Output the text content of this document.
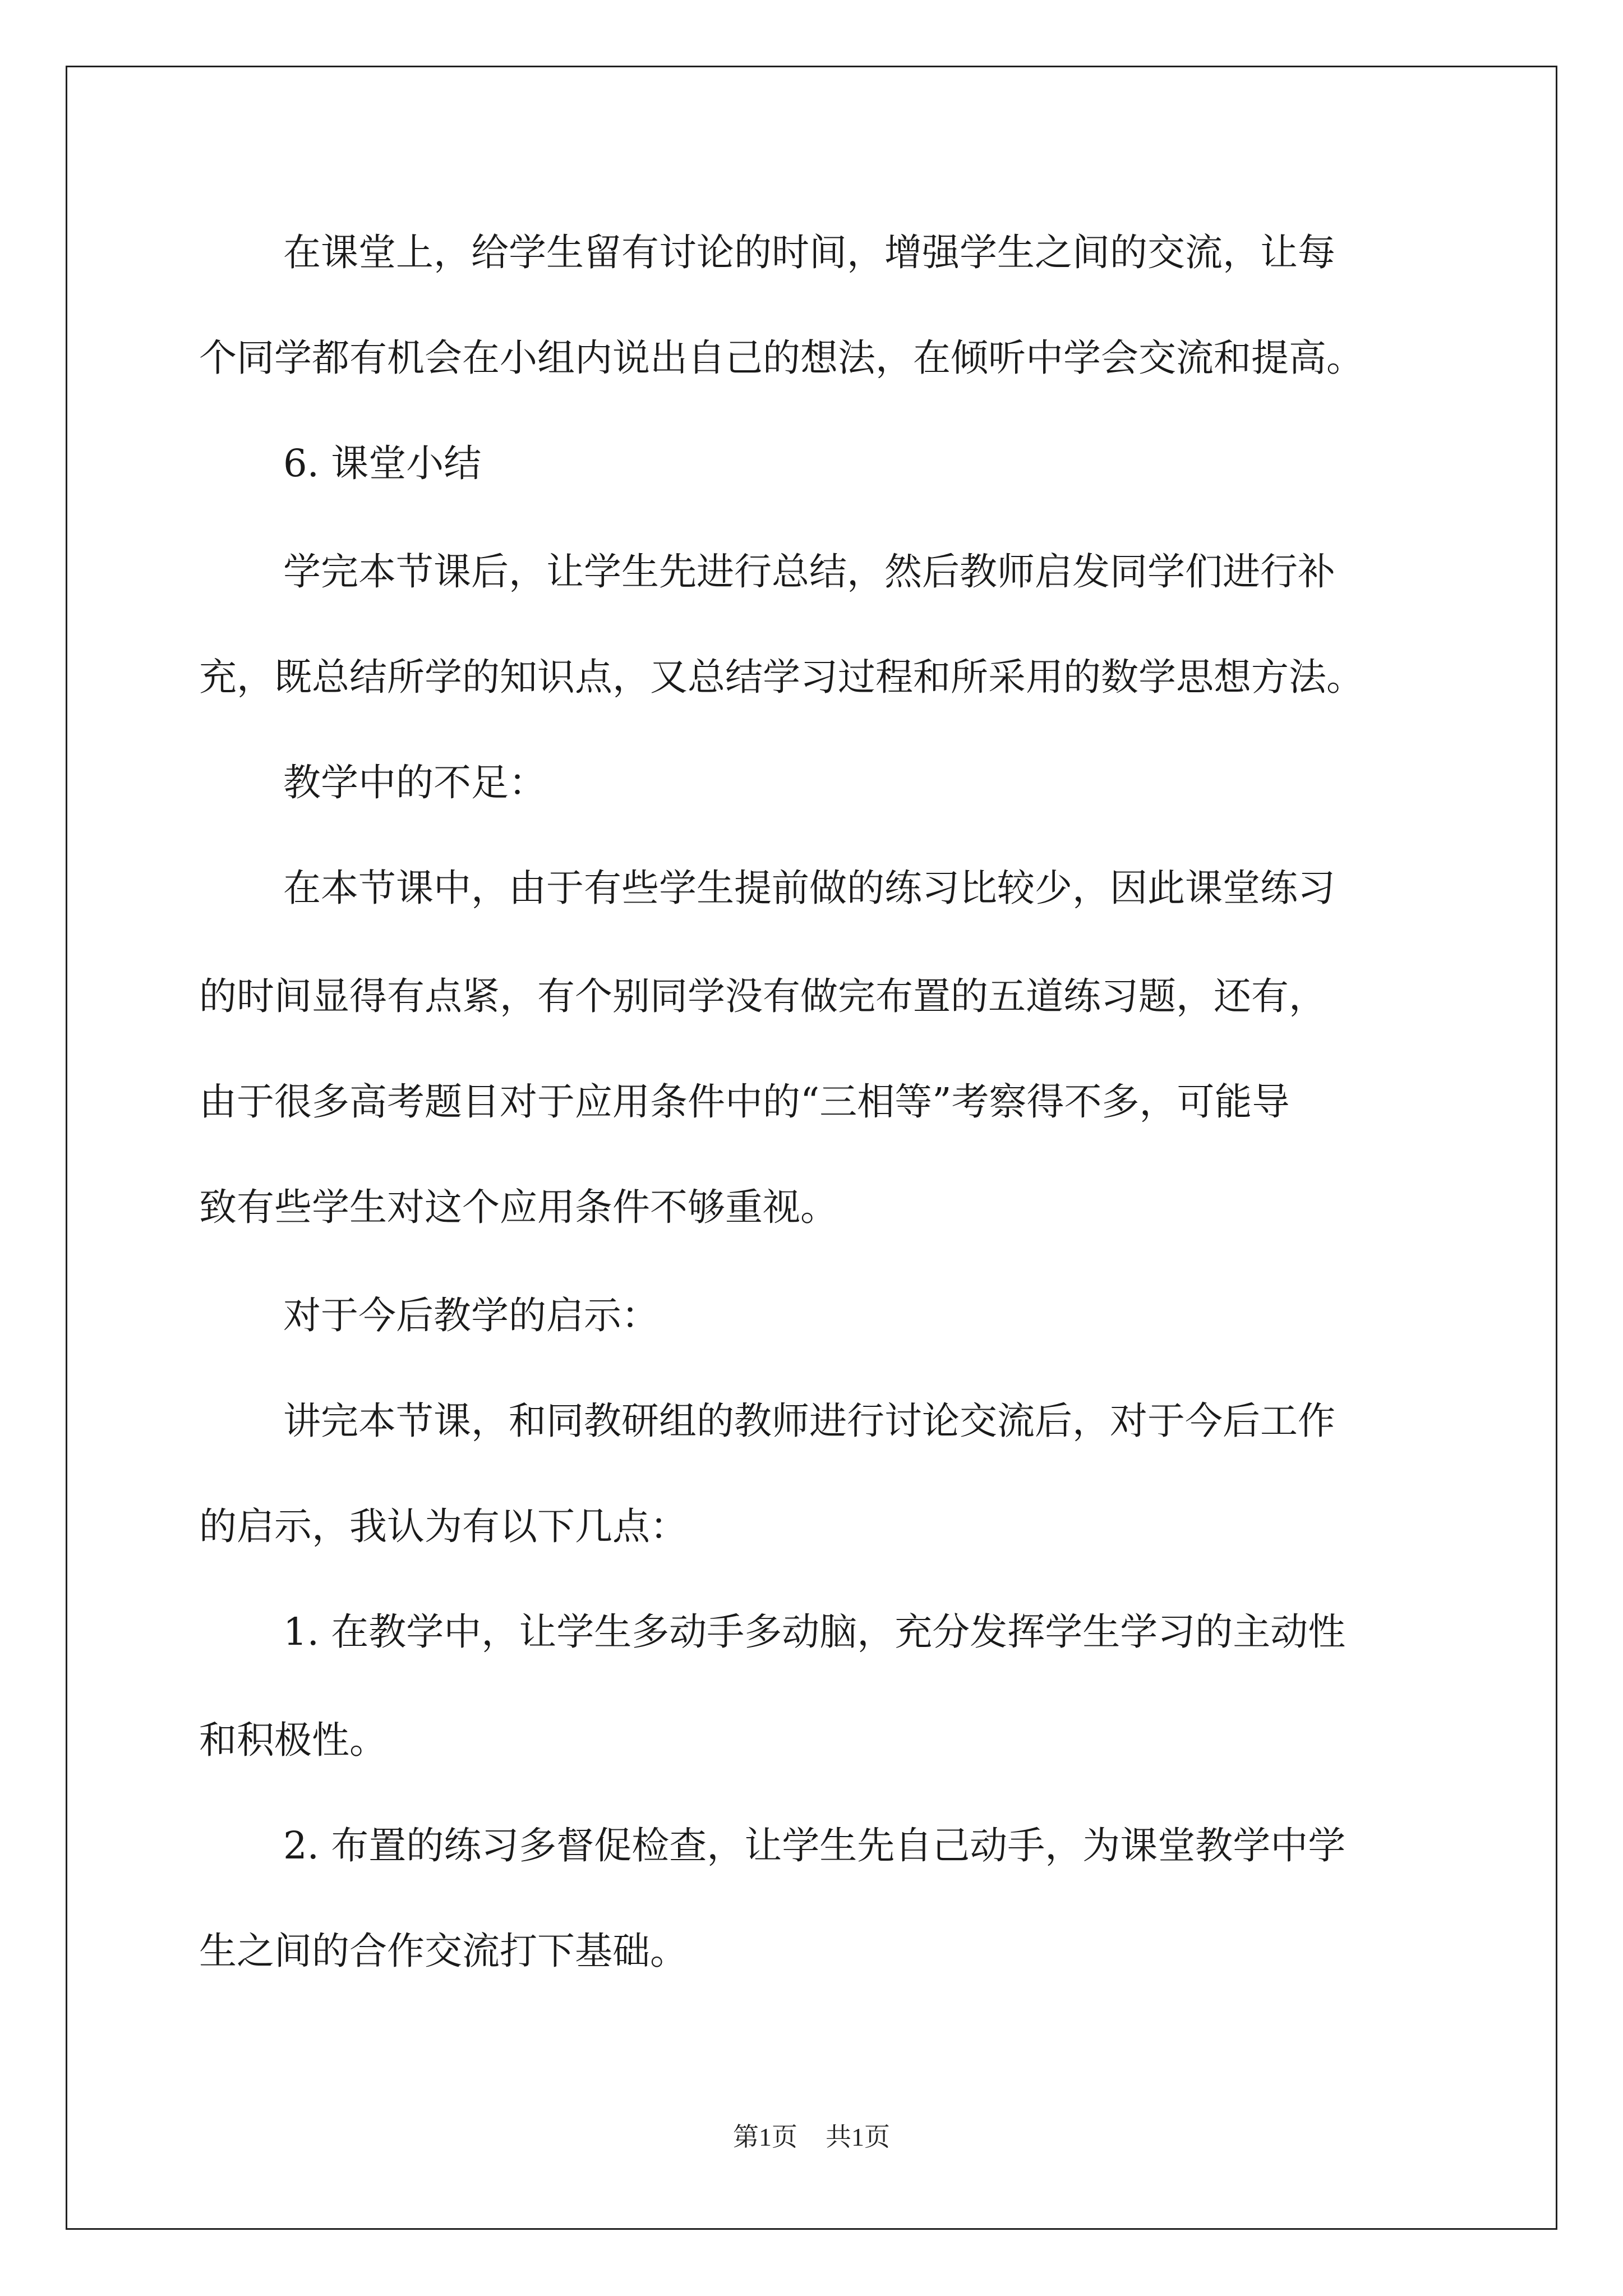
在课堂上，给学生留有讨论的时间，增强学生之间的交流，让每
个同学都有机会在小组内说出自己的想法，在倾听中学会交流和提高。
6. 课堂小结
学完本节课后，让学生先进行总结，然后教师启发同学们进行补
充，既总结所学的知识点，又总结学习过程和所采用的数学思想方法。
教学中的不足：
在本节课中，由于有些学生提前做的练习比较少，因此课堂练习
的时间显得有点紧，有个别同学没有做完布置的五道练习题，还有，
由于很多高考题目对于应用条件中的“三相等”考察得不多，可能导
致有些学生对这个应用条件不够重视。
对于今后教学的启示：
讲完本节课，和同教研组的教师进行讨论交流后，对于今后工作
的启示，我认为有以下几点：
1. 在教学中，让学生多动手多动脑，充分发挥学生学习的主动性
和积极性。
2. 布置的练习多督促检查，让学生先自己动手，为课堂教学中学
生之间的合作交流打下基础。
第1页 共1页
